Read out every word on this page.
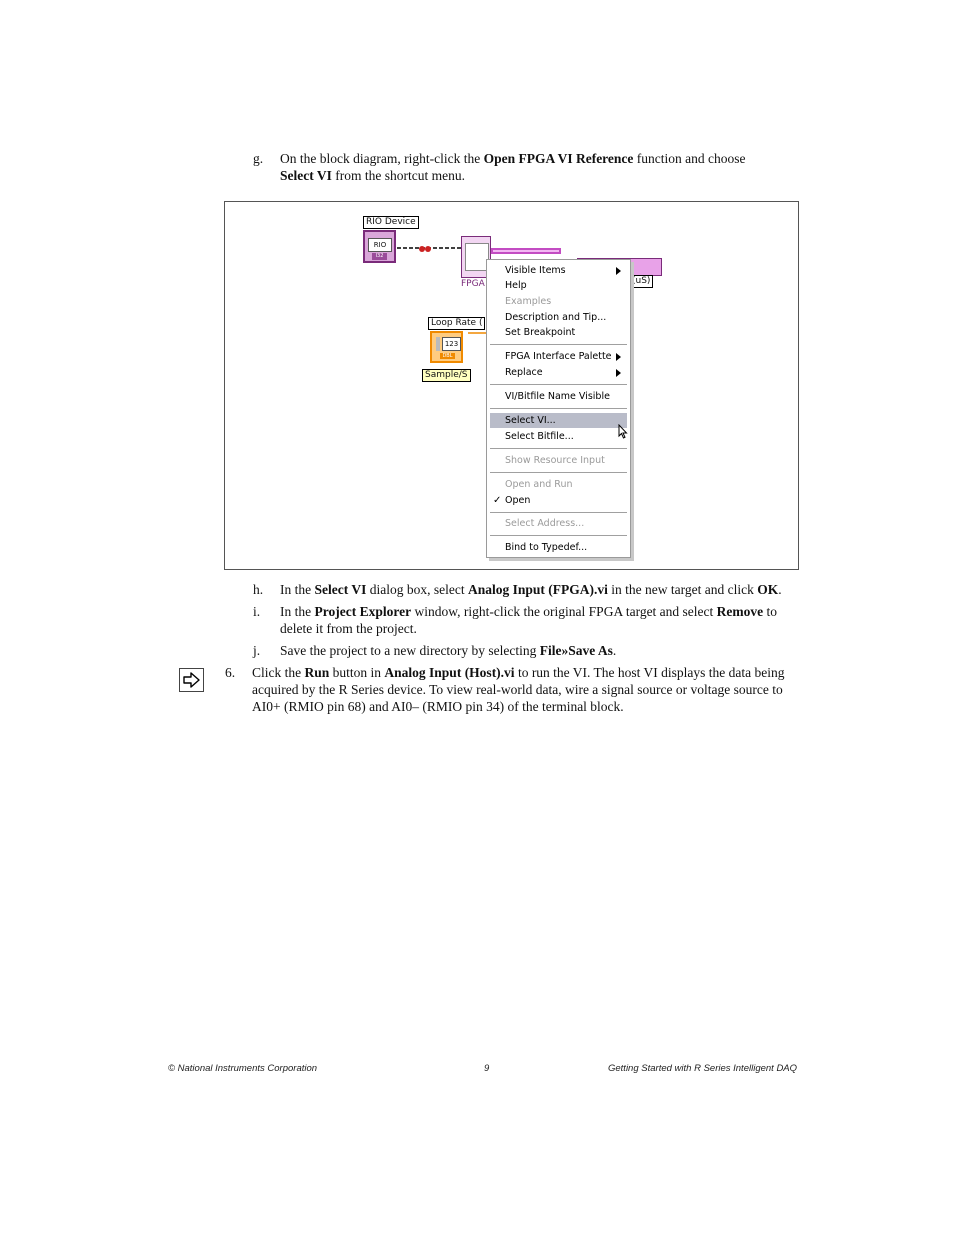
g. On the block diagram, right-click the Open FPGA VI Reference function and choose
Select VI from the shortcut menu.
RIO Device
RIO
I32
FPGA	(uS)
Loop Rate (
123
DBL
Sample/S
Visible Items
Help
Examples
Description and Tip...
Set Breakpoint
FPGA Interface Palette
Replace
VI/Bitfile Name Visible
Select VI...
Select Bitfile...
Show Resource Input
Open and Run
✓ Open
Select Address...
Bind to Typedef...
h. In the Select VI dialog box, select Analog Input (FPGA).vi in the new target and click OK.
i. In the Project Explorer window, right-click the original FPGA target and select Remove to
delete it from the project.
j. Save the project to a new directory by selecting File»Save As.
6. Click the Run button in Analog Input (Host).vi to run the VI. The host VI displays the data being
acquired by the R Series device. To view real-world data, wire a signal source or voltage source to
AI0+ (RMIO pin 68) and AI0– (RMIO pin 34) of the terminal block.
© National Instruments Corporation	9	Getting Started with R Series Intelligent DAQ
